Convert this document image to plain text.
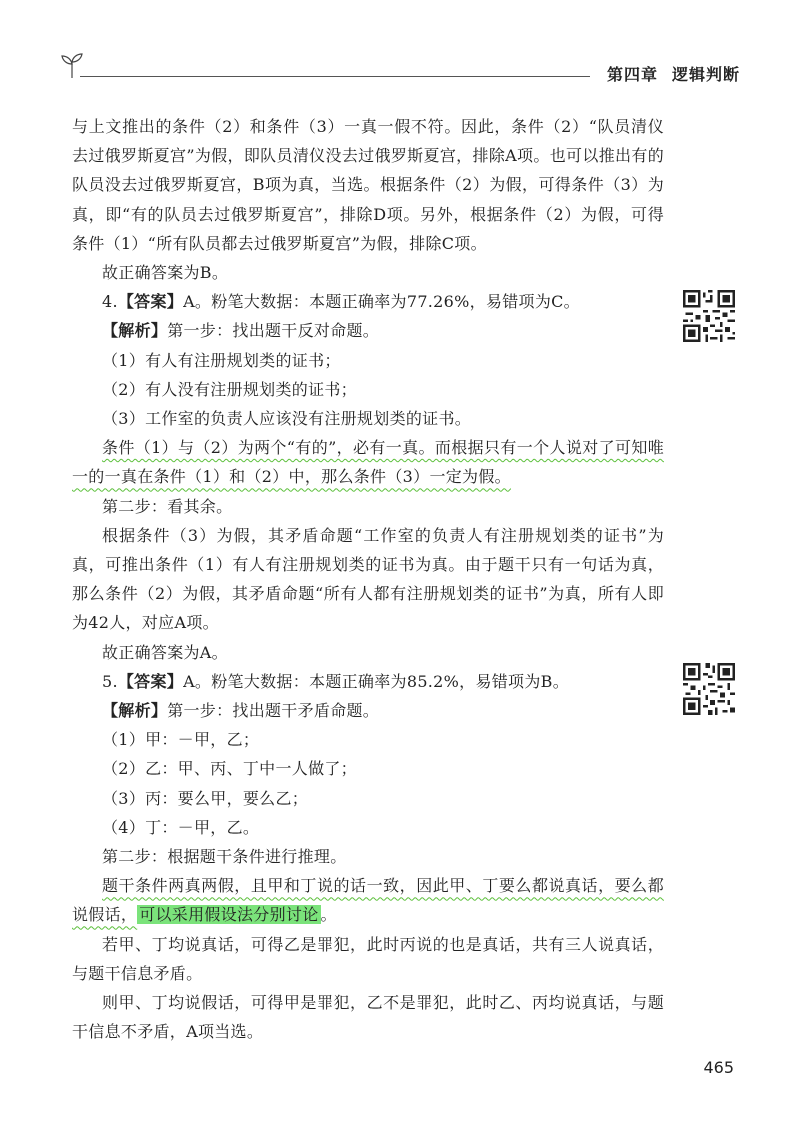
第四章 逻辑判断

与上文推出的条件（2）和条件（3）一真一假不符。因此，条件（2）“队员清仪去过俄罗斯夏宫”为假，即队员清仪没去过俄罗斯夏宫，排除A项。也可以推出有的队员没去过俄罗斯夏宫，B项为真，当选。根据条件（2）为假，可得条件（3）为真，即“有的队员去过俄罗斯夏宫”，排除D项。另外，根据条件（2）为假，可得条件（1）“所有队员都去过俄罗斯夏宫”为假，排除C项。

故正确答案为B。

4.【答案】A。粉笔大数据：本题正确率为77.26%，易错项为C。

【解析】第一步：找出题干反对命题。

（1）有人有注册规划类的证书；

（2）有人没有注册规划类的证书；

（3）工作室的负责人应该没有注册规划类的证书。

条件（1）与（2）为两个“有的”，必有一真。而根据只有一个人说对了可知唯一的一真在条件（1）和（2）中，那么条件（3）一定为假。

第二步：看其余。

根据条件（3）为假，其矛盾命题“工作室的负责人有注册规划类的证书”为真，可推出条件（1）有人有注册规划类的证书为真。由于题干只有一句话为真，那么条件（2）为假，其矛盾命题“所有人都有注册规划类的证书”为真，所有人即为42人，对应A项。

故正确答案为A。

5.【答案】A。粉笔大数据：本题正确率为85.2%，易错项为B。

【解析】第一步：找出题干矛盾命题。

（1）甲：－甲，乙；

（2）乙：甲、丙、丁中一人做了；

（3）丙：要么甲，要么乙；

（4）丁：－甲，乙。

第二步：根据题干条件进行推理。

题干条件两真两假，且甲和丁说的话一致，因此甲、丁要么都说真话，要么都说假话， 可以采用假设法分别讨论 。

若甲、丁均说真话，可得乙是罪犯，此时丙说的也是真话，共有三人说真话，与题干信息矛盾。

则甲、丁均说假话，可得甲是罪犯，乙不是罪犯，此时乙、丙均说真话，与题干信息不矛盾，A项当选。

465
